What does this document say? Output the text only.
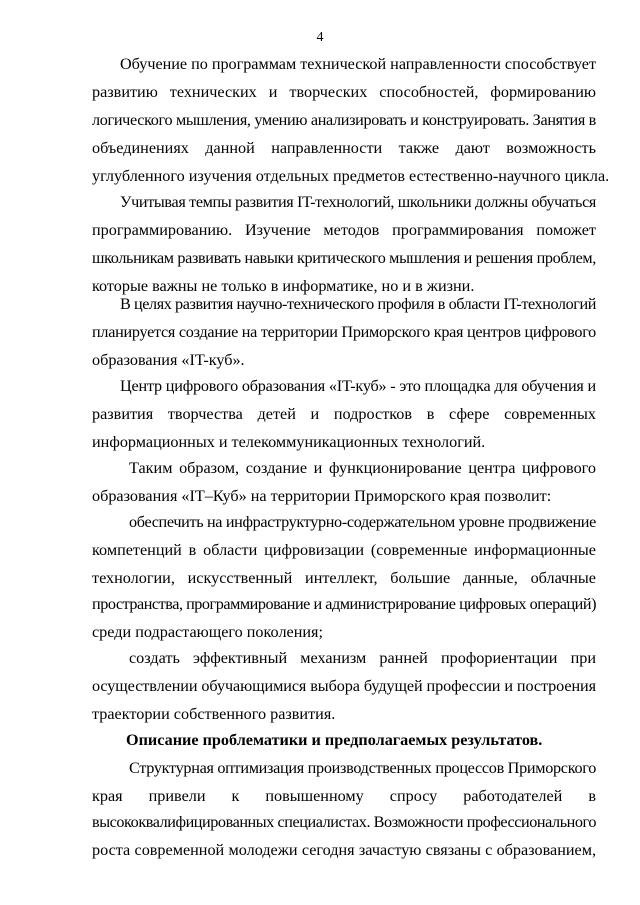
4
Обучение по программам технической направленности способствует
развитию технических и творческих способностей, формированию
логического мышления, умению анализировать и конструировать. Занятия в
объединениях данной направленности также дают возможность
углубленного изучения отдельных предметов естественно-научного цикла.
Учитывая темпы развития IT-технологий, школьники должны обучаться
программированию. Изучение методов программирования поможет
школьникам развивать навыки критического мышления и решения проблем,
которые важны не только в информатике, но и в жизни.
В целях развития научно-технического профиля в области IT-технологий
планируется создание на территории Приморского края центров цифрового
образования «IT-куб».
Центр цифрового образования «IT-куб» - это площадка для обучения и
развития творчества детей и подростков в сфере современных
информационных и телекоммуникационных технологий.
Таким образом, создание и функционирование центра цифрового
образования «IT–Куб» на территории Приморского края позволит:
обеспечить на инфраструктурно-содержательном уровне продвижение
компетенций в области цифровизации (современные информационные
технологии, искусственный интеллект, большие данные, облачные
пространства, программирование и администрирование цифровых операций)
среди подрастающего поколения;
создать эффективный механизм ранней профориентации при
осуществлении обучающимися выбора будущей профессии и построения
траектории собственного развития.
Описание проблематики и предполагаемых результатов.
Структурная оптимизация производственных процессов Приморского
края привели к повышенному спросу работодателей в
высококвалифицированных специалистах. Возможности профессионального
роста современной молодежи сегодня зачастую связаны с образованием,
